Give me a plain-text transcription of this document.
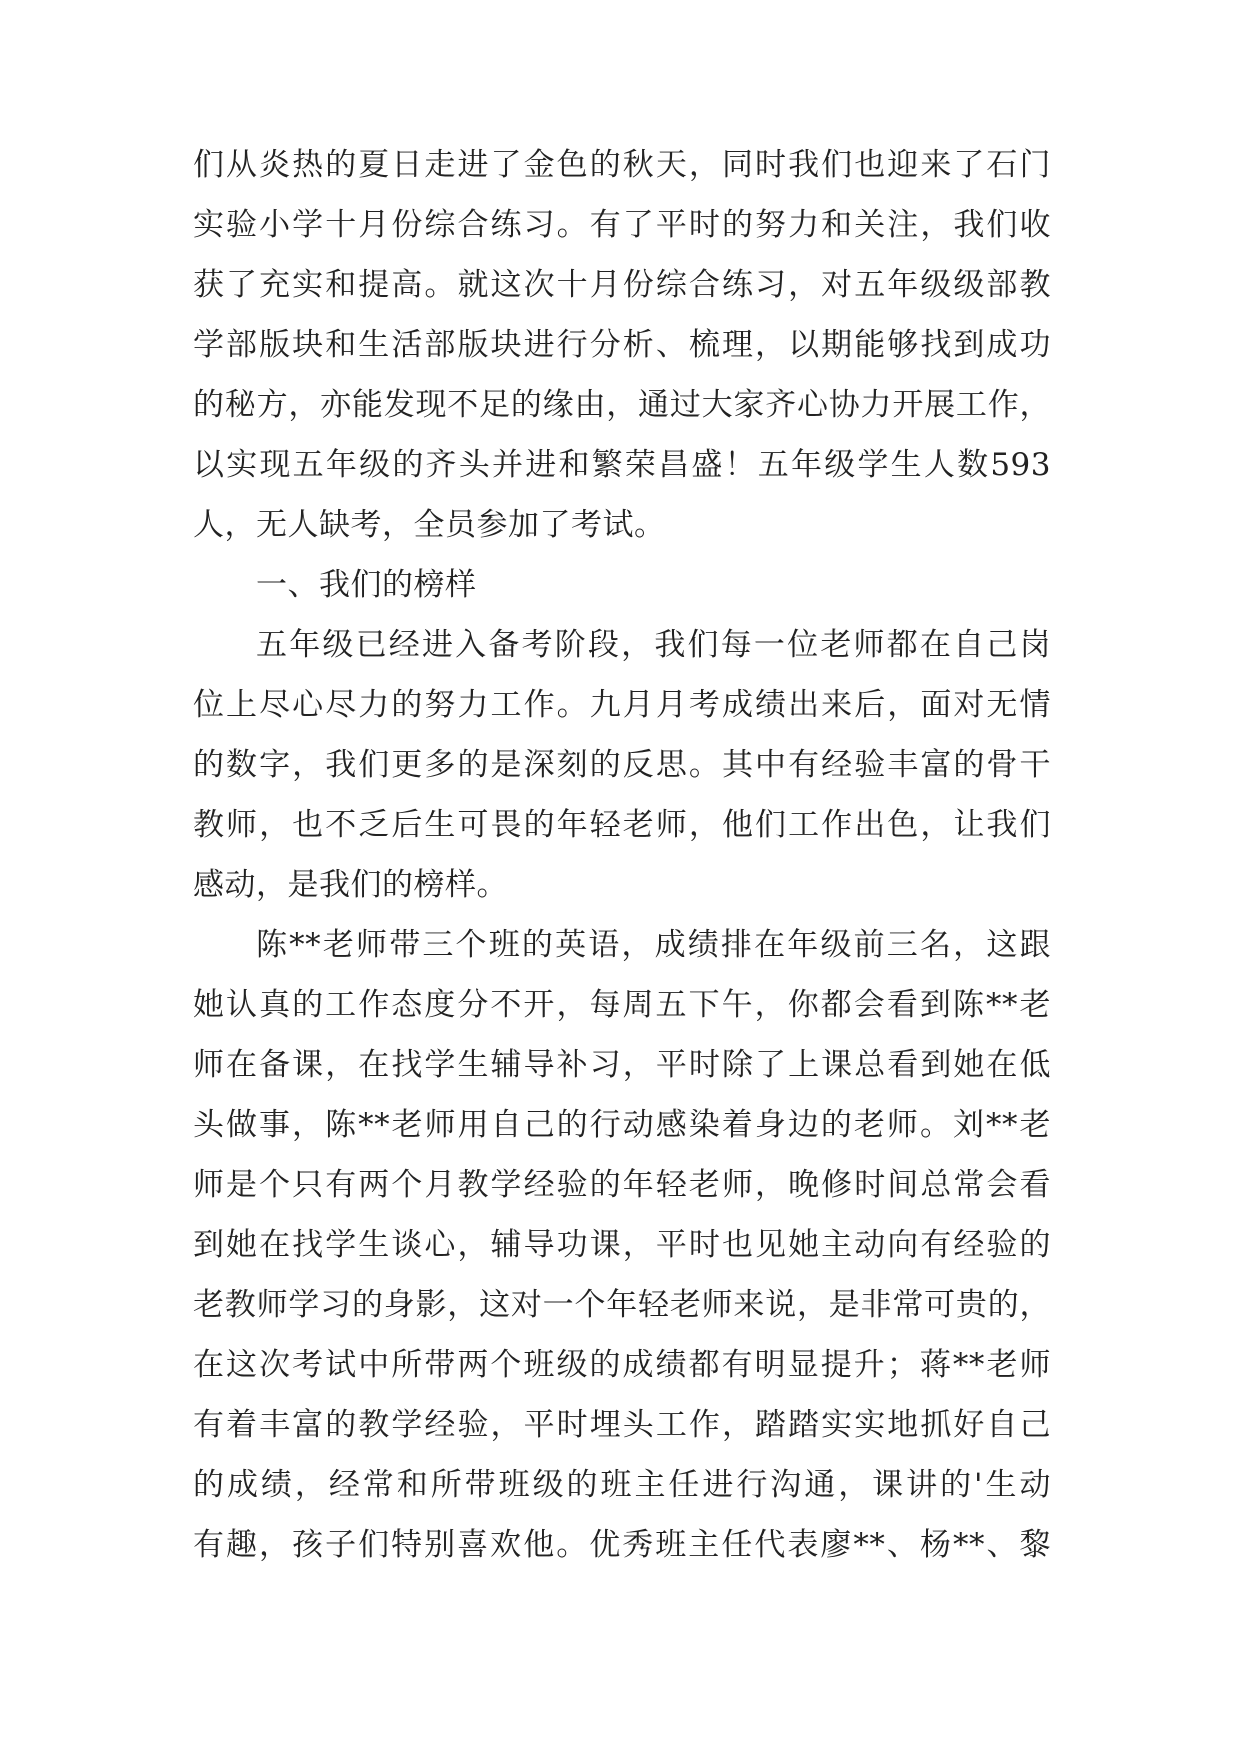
们从炎热的夏日走进了金色的秋天，同时我们也迎来了石门
实验小学十月份综合练习。有了平时的努力和关注，我们收
获了充实和提高。就这次十月份综合练习，对五年级级部教
学部版块和生活部版块进行分析、梳理，以期能够找到成功
的秘方，亦能发现不足的缘由，通过大家齐心协力开展工作，
以实现五年级的齐头并进和繁荣昌盛！五年级学生人数593
人，无人缺考，全员参加了考试。
一、我们的榜样
五年级已经进入备考阶段，我们每一位老师都在自己岗
位上尽心尽力的努力工作。九月月考成绩出来后，面对无情
的数字，我们更多的是深刻的反思。其中有经验丰富的骨干
教师，也不乏后生可畏的年轻老师，他们工作出色，让我们
感动，是我们的榜样。
陈**老师带三个班的英语，成绩排在年级前三名，这跟
她认真的工作态度分不开，每周五下午，你都会看到陈**老
师在备课，在找学生辅导补习，平时除了上课总看到她在低
头做事，陈**老师用自己的行动感染着身边的老师。刘**老
师是个只有两个月教学经验的年轻老师，晚修时间总常会看
到她在找学生谈心，辅导功课，平时也见她主动向有经验的
老教师学习的身影，这对一个年轻老师来说，是非常可贵的，
在这次考试中所带两个班级的成绩都有明显提升；蒋**老师
有着丰富的教学经验，平时埋头工作，踏踏实实地抓好自己
的成绩，经常和所带班级的班主任进行沟通，课讲的'生动
有趣，孩子们特别喜欢他。优秀班主任代表廖**、杨**、黎
